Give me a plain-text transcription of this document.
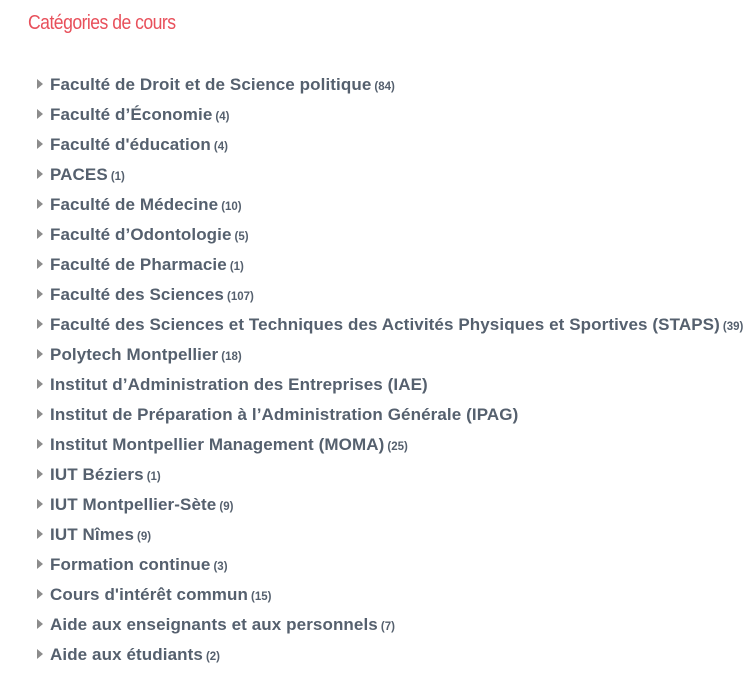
Catégories de cours
Faculté de Droit et de Science politique (84)
Faculté d’Économie (4)
Faculté d'éducation (4)
PACES (1)
Faculté de Médecine (10)
Faculté d’Odontologie (5)
Faculté de Pharmacie (1)
Faculté des Sciences (107)
Faculté des Sciences et Techniques des Activités Physiques et Sportives (STAPS) (39)
Polytech Montpellier (18)
Institut d’Administration des Entreprises (IAE)
Institut de Préparation à l’Administration Générale (IPAG)
Institut Montpellier Management (MOMA) (25)
IUT Béziers (1)
IUT Montpellier-Sète (9)
IUT Nîmes (9)
Formation continue (3)
Cours d'intérêt commun (15)
Aide aux enseignants et aux personnels (7)
Aide aux étudiants (2)
